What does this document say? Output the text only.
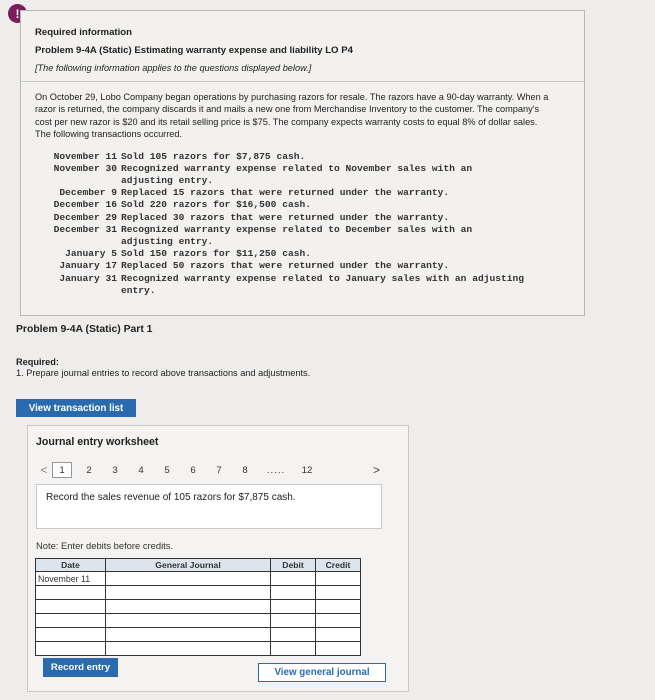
!
Required information
Problem 9-4A (Static) Estimating warranty expense and liability LO P4
[The following information applies to the questions displayed below.]
On October 29, Lobo Company began operations by purchasing razors for resale. The razors have a 90-day warranty. When a razor is returned, the company discards it and mails a new one from Merchandise Inventory to the customer. The company's cost per new razor is $20 and its retail selling price is $75. The company expects warranty costs to equal 8% of dollar sales. The following transactions occurred.
November 11 Sold 105 razors for $7,875 cash.
November 30 Recognized warranty expense related to November sales with an adjusting entry.
December 9 Replaced 15 razors that were returned under the warranty.
December 16 Sold 220 razors for $16,500 cash.
December 29 Replaced 30 razors that were returned under the warranty.
December 31 Recognized warranty expense related to December sales with an adjusting entry.
January 5 Sold 150 razors for $11,250 cash.
January 17 Replaced 50 razors that were returned under the warranty.
January 31 Recognized warranty expense related to January sales with an adjusting entry.
Problem 9-4A (Static) Part 1
Required:
1. Prepare journal entries to record above transactions and adjustments.
View transaction list
Journal entry worksheet
<	1	2	3	4	5	6	7	8	.....	12	>
Record the sales revenue of 105 razors for $7,875 cash.
Note: Enter debits before credits.
Date	General Journal	Debit	Credit
November 11			

Record entry	View general journal
